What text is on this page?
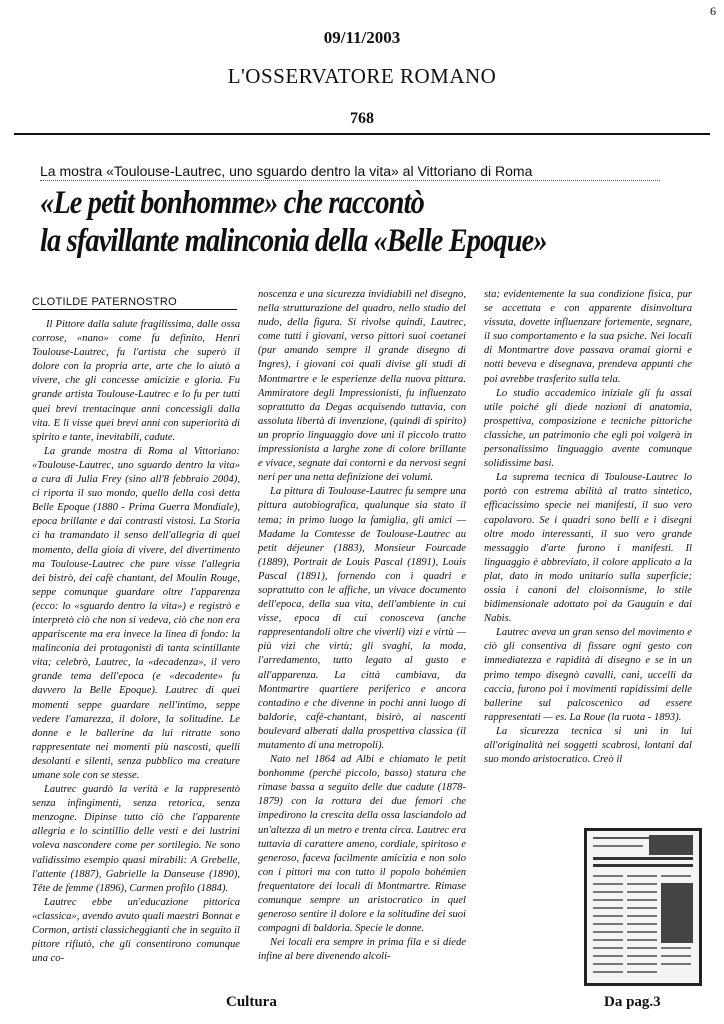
6
09/11/2003
L'OSSERVATORE ROMANO
768
La mostra «Toulouse-Lautrec, uno sguardo dentro la vita» al Vittoriano di Roma
«Le petit bonhomme» che raccontò
la sfavillante malinconia della «Belle Epoque»
CLOTILDE PATERNOSTRO

Il Pittore dalla salute fragilissima, dalle ossa corrose, «nano» come fu definito, Henri Toulouse-Lautrec, fu l'artista che superò il dolore con la propria arte, arte che lo aiutò a vivere, che gli concesse amicizie e gloria. Fu grande artista Toulouse-Lautrec e lo fu per tutti quei brevi trentacinque anni concessigli dalla vita. E li visse quei brevi anni con superiorità di spirito e tante, inevitabili, cadute.

La grande mostra di Roma al Vittoriano: «Toulouse-Lautrec, uno sguardo dentro la vita» a cura di Julia Frey (sino all'8 febbraio 2004), ci riporta il suo mondo, quello della così detta Belle Epoque (1880 - Prima Guerra Mondiale), epoca brillante e dai contrasti vistosi. La Storia ci ha tramandato il senso dell'allegria di quel momento, della gioia di vivere, del divertimento ma Toulouse-Lautrec che pure visse l'allegria dei bistrò, dei cafè chantant, del Moulin Rouge, seppe comunque guardare oltre l'apparenza (ecco: lo «sguardo dentro la vita») e registrò e interpretò ciò che non si vedeva, ciò che non era appariscente ma era invece la linea di fondo: la malinconia dei protagonisti di tanta scintillante vita; celebrò, Lautrec, la «decadenza», il vero grande tema dell'epoca (e «decadente» fu davvero la Belle Epoque). Lautrec di quei momenti seppe guardare nell'intimo, seppe vedere l'amarezza, il dolore, la solitudine. Le donne e le ballerine da lui ritratte sono rappresentate nei momenti più nascosti, quelli desolanti e silenti, senza pubblico ma creature umane sole con se stesse.

Lautrec guardò la verità e la rappresentò senza infingimenti, senza retorica, senza menzogne. Dipinse tutto ciò che l'apparente allegria e lo scintillio delle vesti e dei lustrini voleva nascondere come per sortilegio. Ne sono validissimo esempio quasi mirabili: A Grebelle, l'attente (1887), Gabrielle la Danseuse (1890), Tête de femme (1896), Carmen profilo (1884).

Lautrec ebbe un'educazione pittorica «classica», avendo avuto quali maestri Bonnat e Cormon, artisti classicheggianti che in seguito il pittore rifiutò, che gli consentirono comunque una co-

noscenza e una sicurezza invidiabili nel disegno, nella strutturazione del quadro, nello studio del nudo, della figura. Si rivolse quindi, Lautrec, come tutti i giovani, verso pittori suoi coetanei (pur amando sempre il grande disegno di Ingres), i giovani coi quali divise gli studi di Montmartre e le esperienze della nuova pittura. Ammiratore degli Impressionisti, fu influenzato soprattutto da Degas acquisendo tuttavia, con assoluta libertà di invenzione, (quindi di spirito) un proprio linguaggio dove uni il piccolo tratto impressionista a larghe zone di colore brillante e vivace, segnate dai contorni e da nervosi segni neri per una netta definizione dei volumi.

La pittura di Toulouse-Lautrec fu sempre una pittura autobiografica, qualunque sia stato il tema; in primo luogo la famiglia, gli amici — Madame la Comtesse de Toulouse-Lautrec au petit déjeuner (1883), Monsieur Fourcade (1889), Portrait de Louis Pascal (1891), Louis Pascal (1891), fornendo con i quadri e soprattutto con le affiche, un vivace documento dell'epoca, della sua vita, dell'ambiente in cui visse, epoca di cui conosceva (anche rappresentandoli oltre che viverli) vizi e virtù — più vizi che virtù; gli svaghi, la moda, l'arredamento, tutto legato al gusto e all'apparenza. La città cambiava, da Montmartre quartiere periferico e ancora contadino e che divenne in pochi anni luogo di baldorie, cafè-chantant, bisirò, ai nascenti boulevard alberati dalla prospettiva classica (il mutamento di una metropoli).

Nato nel 1864 ad Albi e chiamato le petit bonhomme (perché piccolo, basso) statura che rimase bassa a seguito delle due cadute (1878-1879) con la rottura dei due femori che impedirono la crescita della ossa lasciandolo ad un'altezza di un metro e trenta circa. Lautrec era tuttavia di carattere ameno, cordiale, spiritoso e generoso, faceva facilmente amicizia e non solo con i pittori ma con tutto il popolo bohémien frequentatore dei locali di Montmartre. Rimase comunque sempre un aristocratico in quel generoso sentire il dolore e la solitudine dei suoi compagni di baldoria. Specie le donne.

Nei locali era sempre in prima fila e si diede infine al bere divenendo alcoli-

sta; evidentemente la sua condizione fisica, pur se accettata e con apparente disinvoltura vissuta, dovette influenzare fortemente, segnare, il suo comportamento e la sua psiche. Nei locali di Montmartre dove passava oramai giorni e notti beveva e disegnava, prendeva appunti che poi avrebbe trasferito sulla tela.

Lo studio accademico iniziale gli fu assai utile poiché gli diede nozioni di anatomia, prospettiva, composizione e tecniche pittoriche classiche, un patrimonio che egli poi volgerà in personalissimo linguaggio avente comunque solidissime basi.

La suprema tecnica di Toulouse-Lautrec lo portò con estrema abilità al tratto sintetico, efficacissimo specie nei manifesti, il suo vero capolavoro. Se i quadri sono belli e i disegni oltre modo interessanti, il suo vero grande messaggio d'arte furono i manifesti. Il linguaggio è abbreviato, il colore applicato a la plat, dato in modo unitario sulla superficie; ossia i canoni del cloisonnisme, lo stile bidimensionale adottato poi da Gauguin e dai Nabis.

Lautrec aveva un gran senso del movimento e ciò gli consentiva di fissare ogni gesto con immediatezza e rapidità di disegno e se in un primo tempo disegnò cavalli, cani, uccelli da caccia, furono poi i movimenti rapidissimi delle ballerine sul palcoscenico ad essere rappresentati — es. La Roue (la ruota - 1893).

La sicurezza tecnica si unì in lui all'originalità nei soggetti scabrosi, lontani dal suo mondo aristocratico. Creò il

Cultura	Da pag.3
